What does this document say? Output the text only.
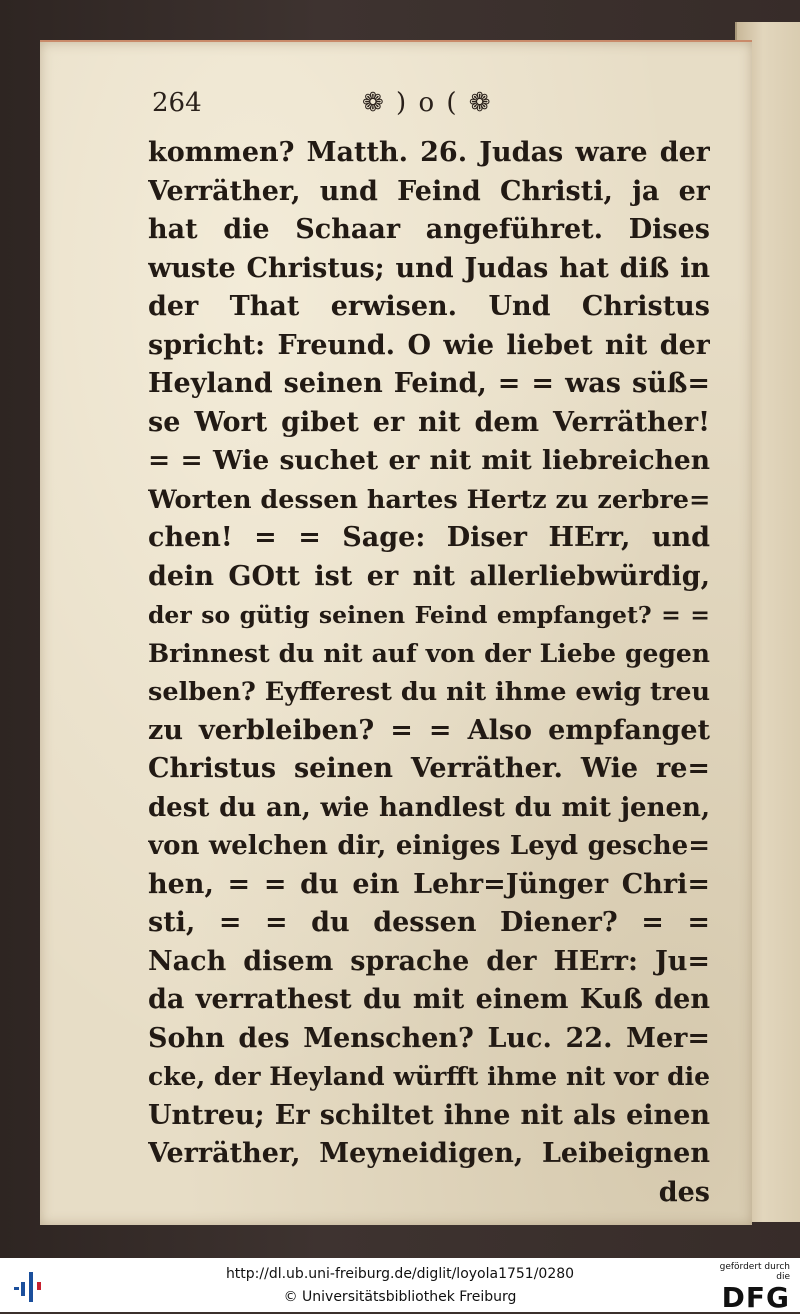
264	❁ ) o ( ❁
kommen? Matth. 26. Judas ware der
Verräther, und Feind Christi, ja er
hat die Schaar angeführet. Dises
wuste Christus; und Judas hat diß in
der That erwisen. Und Christus
spricht: Freund. O wie liebet nit der
Heyland seinen Feind, = = was süß=
se Wort gibet er nit dem Verräther!
= = Wie suchet er nit mit liebreichen
Worten dessen hartes Hertz zu zerbre=
chen! = = Sage: Diser HErr, und
dein GOtt ist er nit allerliebwürdig,
der so gütig seinen Feind empfanget? = =
Brinnest du nit auf von der Liebe gegen
selben? Eyfferest du nit ihme ewig treu
zu verbleiben? = = Also empfanget
Christus seinen Verräther. Wie re=
dest du an, wie handlest du mit jenen,
von welchen dir, einiges Leyd gesche=
hen, = = du ein Lehr=Jünger Chri=
sti, = = du dessen Diener? = =
Nach disem sprache der HErr: Ju=
da verrathest du mit einem Kuß den
Sohn des Menschen? Luc. 22. Mer=
cke, der Heyland würfft ihme nit vor die
Untreu; Er schiltet ihne nit als einen
Verräther, Meyneidigen, Leibeignen
des
http://dl.ub.uni-freiburg.de/diglit/loyola1751/0280
© Universitätsbibliothek Freiburg
gefördert durch die
DFG
